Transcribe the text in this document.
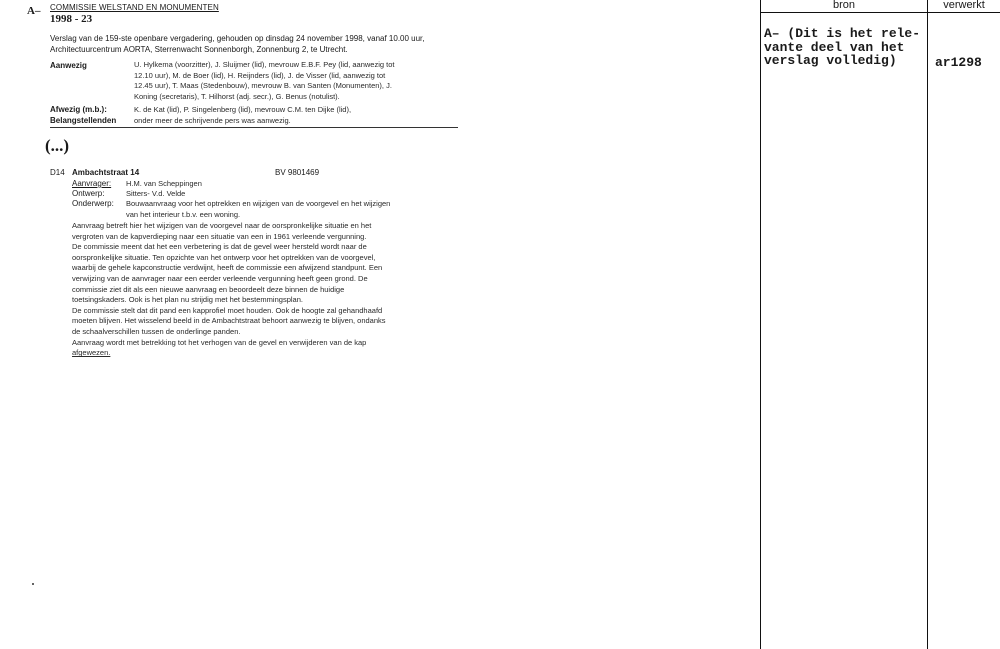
A– COMMISSIE WELSTAND EN MONUMENTEN
1998 - 23
Verslag van de 159-ste openbare vergadering, gehouden op dinsdag 24 november 1998, vanaf 10.00 uur, Architectuurcentrum AORTA, Sterrenwacht Sonnenborgh, Zonnenburg 2, te Utrecht.
Aanwezig	U. Hylkema (voorzitter), J. Sluijmer (lid), mevrouw E.B.F. Pey (lid, aanwezig tot
12.10 uur), M. de Boer (lid), H. Reijnders (lid), J. de Visser (lid, aanwezig tot
12.45 uur), T. Maas (Stedenbouw), mevrouw B. van Santen (Monumenten), J.
Koning (secretaris), T. Hilhorst (adj. secr.), G. Benus (notulist).
Afwezig (m.b.):	K. de Kat (lid), P. Singelenberg (lid), mevrouw C.M. ten Dijke (lid),
Belangstellenden onder meer de schrijvende pers was aanwezig.
(...)
D14 Ambachtstraat 14	BV 9801469
Aanvrager: H.M. van Scheppingen
Ontwerp:	Sitters- V.d. Velde
Onderwerp: Bouwaanvraag voor het optrekken en wijzigen van de voorgevel en het wijzigen
van het interieur t.b.v. een woning.
Aanvraag betreft hier het wijzigen van de voorgevel naar de oorspronkelijke situatie en het
vergroten van de kapverdieping naar een situatie van een in 1961 verleende vergunning.
De commissie meent dat het een verbetering is dat de gevel weer hersteld wordt naar de
oorspronkelijke situatie. Ten opzichte van het ontwerp voor het optrekken van de voorgevel,
waarbij de gehele kapconstructie verdwijnt, heeft de commissie een afwijzend standpunt. Een
verwijzing van de aanvrager naar een eerder verleende vergunning heeft geen grond. De
commissie ziet dit als een nieuwe aanvraag en beoordeelt deze binnen de huidige
toetsingskaders. Ook is het plan nu strijdig met het bestemmingsplan.
De commissie stelt dat dit pand een kapprofiel moet houden. Ook de hoogte zal gehandhaafd
moeten blijven. Het wisselend beeld in de Ambachtstraat behoort aanwezig te blijven, ondanks
de schaalverschillen tussen de onderlinge panden.
Aanvraag wordt met betrekking tot het verhogen van de gevel en verwijderen van de kap
afgewezen.
bron	verwerkt
A– (Dit is het rele-
vante deel van het
verslag volledig)	ar1298
